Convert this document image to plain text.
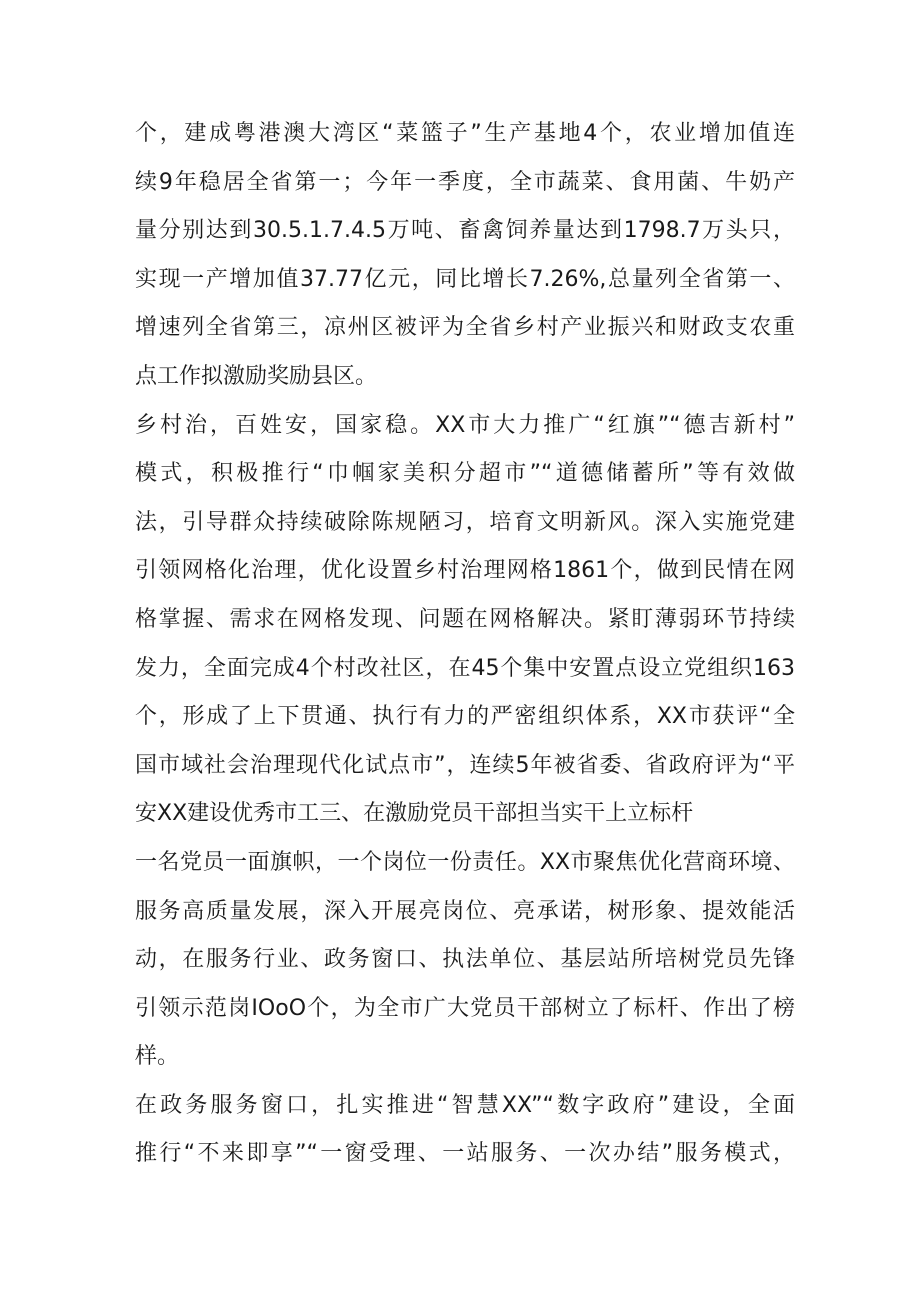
个，建成粤港澳大湾区“菜篮子”生产基地4个，农业增加值连
续9年稳居全省第一；今年一季度，全市蔬菜、食用菌、牛奶产
量分别达到30.5.1.7.4.5万吨、畜禽饲养量达到1798.7万头只，
实现一产增加值37.77亿元，同比增长7.26%,总量列全省第一、
增速列全省第三，凉州区被评为全省乡村产业振兴和财政支农重
点工作拟激励奖励县区。
乡村治，百姓安，国家稳。XX市大力推广“红旗”“德吉新村”
模式，积极推行“巾帼家美积分超市”“道德储蓄所”等有效做
法，引导群众持续破除陈规陋习，培育文明新风。深入实施党建
引领网格化治理，优化设置乡村治理网格1861个，做到民情在网
格掌握、需求在网格发现、问题在网格解决。紧盯薄弱环节持续
发力，全面完成4个村改社区，在45个集中安置点设立党组织163
个，形成了上下贯通、执行有力的严密组织体系，XX市获评“全
国市域社会治理现代化试点市”，连续5年被省委、省政府评为“平
安XX建设优秀市工三、在激励党员干部担当实干上立标杆
一名党员一面旗帜，一个岗位一份责任。XX市聚焦优化营商环境、
服务高质量发展，深入开展亮岗位、亮承诺，树形象、提效能活
动，在服务行业、政务窗口、执法单位、基层站所培树党员先锋
引领示范岗IOoO个，为全市广大党员干部树立了标杆、作出了榜
样。
在政务服务窗口，扎实推进“智慧XX”“数字政府”建设，全面
推行“不来即享”“一窗受理、一站服务、一次办结”服务模式，
